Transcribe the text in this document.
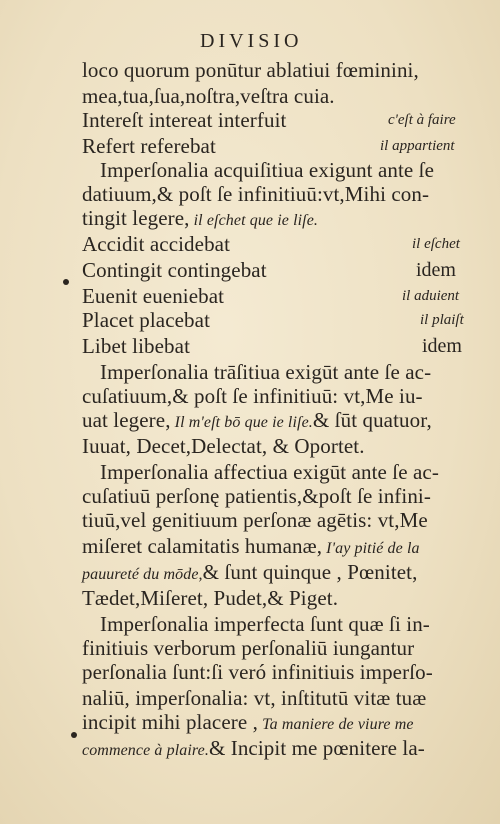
DIVISIO
loco quorum ponūtur ablatiui fœminini,
mea,tua,ſua,noſtra,veſtra cuia.
Intereſt intereat interfuit	c'eſt à faire
Refert referebat	il appartient
Imperſonalia acquiſitiua exigunt ante ſe
datiuum,& poſt ſe infinitiuū:vt,Mihi con-
tingit legere, il eſchet que ie liſe.
Accidit accidebat	il eſchet
Contingit contingebat	idem
Euenit eueniebat	il aduient
Placet placebat	il plaiſt
Libet libebat	idem
Imperſonalia trāſitiua exigūt ante ſe ac-
cuſatiuum,& poſt ſe infinitiuū: vt,Me iu-
uat legere, Il m'eſt bō que ie liſe.& ſūt quatuor,
Iuuat, Decet,Delectat, & Oportet.
Imperſonalia affectiua exigūt ante ſe ac-
cuſatiuū perſonę patientis,&poſt ſe infini-
tiuū,vel genitiuum perſonæ agētis: vt,Me
miſeret calamitatis humanæ, I'ay pitié de la
pauureté du mōde,& ſunt quinque , Pœnitet,
Tædet,Miſeret, Pudet,& Piget.
Imperſonalia imperfecta ſunt quæ ſi in-
finitiuis verborum perſonaliū iungantur
perſonalia ſunt:ſi veró infinitiuis imperſo-
naliū, imperſonalia: vt, inſtitutū vitæ tuæ
incipit mihi placere , Ta maniere de viure me
commence à plaire.& Incipit me pœnitere la-
